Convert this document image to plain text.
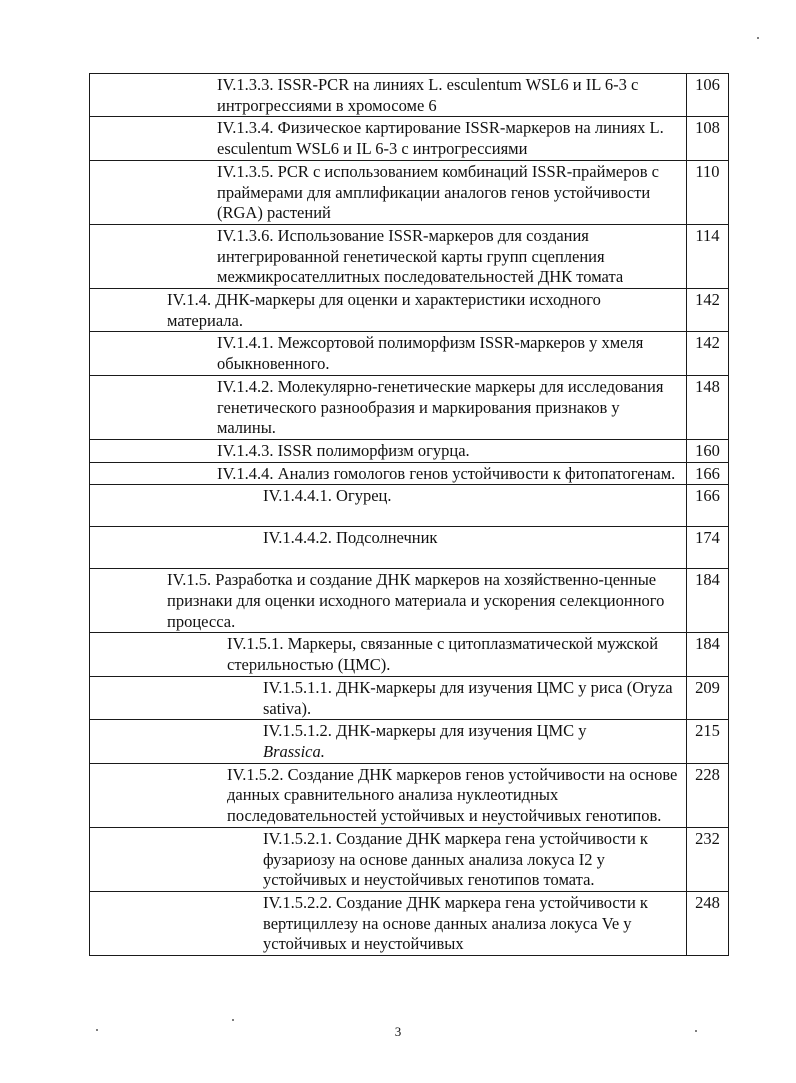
IV.1.3.3. ISSR-PCR на линиях L. esculentum WSL6 и IL 6-3 с интрогрессиями в хромосоме 6	106
IV.1.3.4. Физическое картирование ISSR-маркеров на линиях L. esculentum WSL6 и IL 6-3 с интрогрессиями	108
IV.1.3.5. PCR с использованием комбинаций ISSR-праймеров с праймерами для амплификации аналогов генов устойчивости (RGA) растений	110
IV.1.3.6. Использование ISSR-маркеров для создания интегрированной генетической карты групп сцепления межмикросателлитных последовательностей ДНК томата	114
IV.1.4. ДНК-маркеры для оценки и характеристики исходного материала.	142
IV.1.4.1. Межсортовой полиморфизм ISSR-маркеров у хмеля обыкновенного.	142
IV.1.4.2. Молекулярно-генетические маркеры для исследования генетического разнообразия и маркирования признаков у малины.	148
IV.1.4.3. ISSR полиморфизм огурца.	160
IV.1.4.4. Анализ гомологов генов устойчивости к фитопатогенам.	166
IV.1.4.4.1. Огурец.	166
IV.1.4.4.2. Подсолнечник	174
IV.1.5. Разработка и создание ДНК маркеров на хозяйственно-ценные признаки для оценки исходного материала и ускорения селекционного процесса.	184
IV.1.5.1. Маркеры, связанные с цитоплазматической мужской стерильностью (ЦМС).	184
IV.1.5.1.1. ДНК-маркеры для изучения ЦМС у риса (Oryza sativa).	209
IV.1.5.1.2. ДНК-маркеры для изучения ЦМС у
Brassica.	215
IV.1.5.2. Создание ДНК маркеров генов устойчивости на основе данных сравнительного анализа нуклеотидных последовательностей устойчивых и неустойчивых генотипов.	228
IV.1.5.2.1. Создание ДНК маркера гена устойчивости к фузариозу на основе данных анализа локуса I2 у устойчивых и неустойчивых генотипов томата.	232
IV.1.5.2.2. Создание ДНК маркера гена устойчивости к вертициллезу на основе данных анализа локуса Ve у устойчивых и неустойчивых	248
3
